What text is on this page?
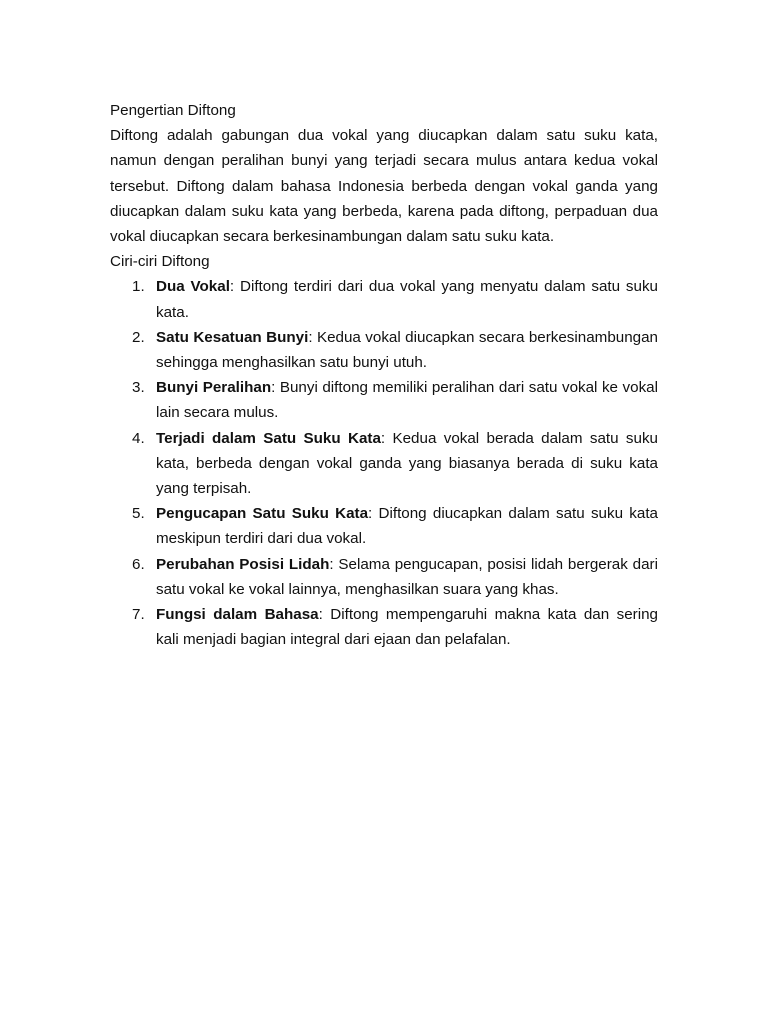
Pengertian Diftong

Diftong adalah gabungan dua vokal yang diucapkan dalam satu suku kata, namun dengan peralihan bunyi yang terjadi secara mulus antara kedua vokal tersebut. Diftong dalam bahasa Indonesia berbeda dengan vokal ganda yang diucapkan dalam suku kata yang berbeda, karena pada diftong, perpaduan dua vokal diucapkan secara berkesinambungan dalam satu suku kata.

Ciri-ciri Diftong
1. Dua Vokal: Diftong terdiri dari dua vokal yang menyatu dalam satu suku kata.
2. Satu Kesatuan Bunyi: Kedua vokal diucapkan secara berkesinambungan sehingga menghasilkan satu bunyi utuh.
3. Bunyi Peralihan: Bunyi diftong memiliki peralihan dari satu vokal ke vokal lain secara mulus.
4. Terjadi dalam Satu Suku Kata: Kedua vokal berada dalam satu suku kata, berbeda dengan vokal ganda yang biasanya berada di suku kata yang terpisah.
5. Pengucapan Satu Suku Kata: Diftong diucapkan dalam satu suku kata meskipun terdiri dari dua vokal.
6. Perubahan Posisi Lidah: Selama pengucapan, posisi lidah bergerak dari satu vokal ke vokal lainnya, menghasilkan suara yang khas.
7. Fungsi dalam Bahasa: Diftong mempengaruhi makna kata dan sering kali menjadi bagian integral dari ejaan dan pelafalan.
